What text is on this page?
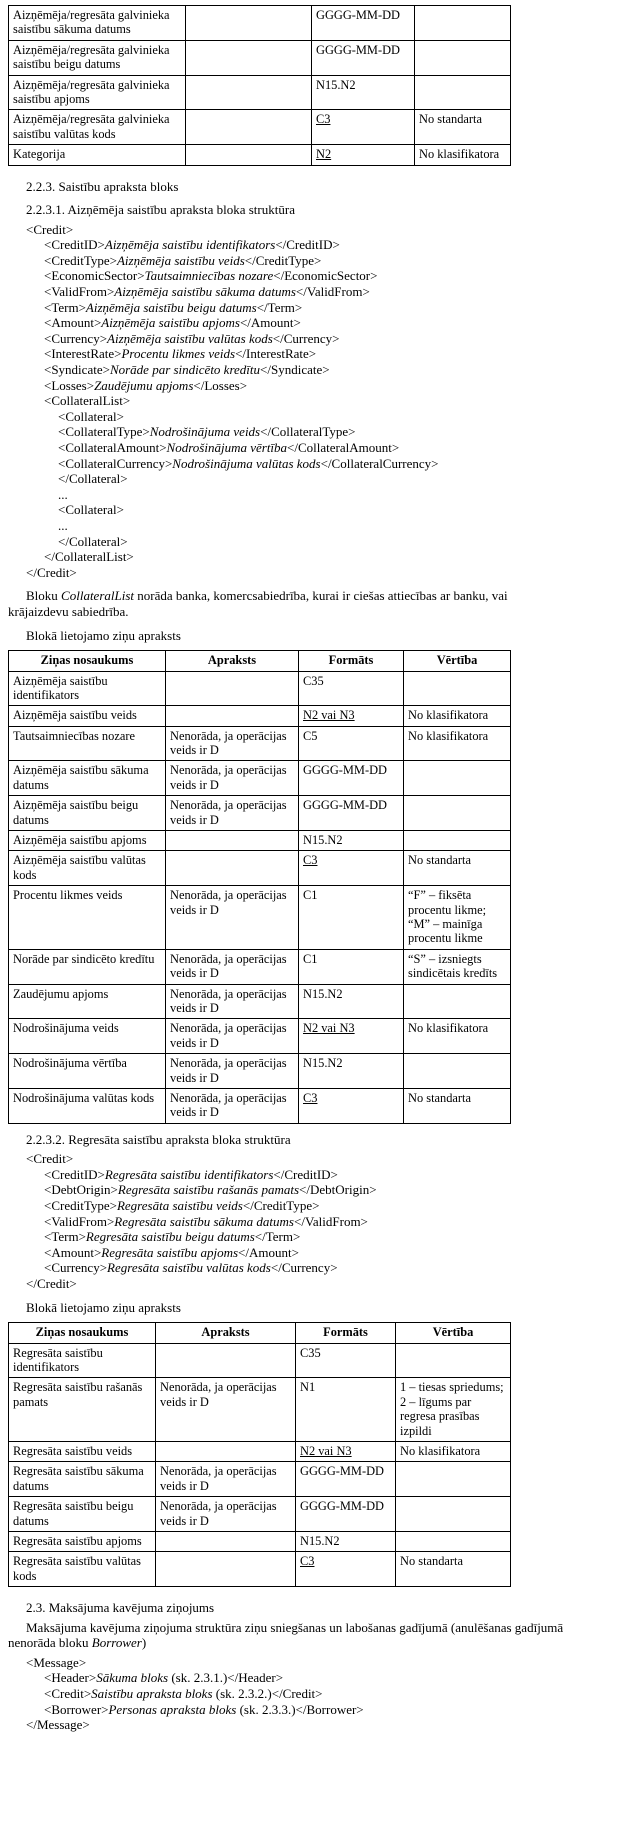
Aizņēmēja/regresāta galvinieka saistību sākuma datums		GGGG-MM-DD	
Aizņēmēja/regresāta galvinieka saistību beigu datums		GGGG-MM-DD	
Aizņēmēja/regresāta galvinieka saistību apjoms		N15.N2	
Aizņēmēja/regresāta galvinieka saistību valūtas kods		C3	No standarta
Kategorija		N2	No klasifikatora

2.2.3. Saistību apraksta bloks

2.2.3.1. Aizņēmēja saistību apraksta bloka struktūra

<Credit>
<CreditID>Aizņēmēja saistību identifikators</CreditID>
<CreditType>Aizņēmēja saistību veids</CreditType>
<EconomicSector>Tautsaimniecības nozare</EconomicSector>
<ValidFrom>Aizņēmēja saistību sākuma datums</ValidFrom>
<Term>Aizņēmēja saistību beigu datums</Term>
<Amount>Aizņēmēja saistību apjoms</Amount>
<Currency>Aizņēmēja saistību valūtas kods</Currency>
<InterestRate>Procentu likmes veids</InterestRate>
<Syndicate>Norāde par sindicēto kredītu</Syndicate>
<Losses>Zaudējumu apjoms</Losses>
<CollateralList>
<Collateral>
<CollateralType>Nodrošinājuma veids</CollateralType>
<CollateralAmount>Nodrošinājuma vērtība</CollateralAmount>
<CollateralCurrency>Nodrošinājuma valūtas kods</CollateralCurrency>
</Collateral>
...
<Collateral>
...
</Collateral>
</CollateralList>
</Credit>

Bloku CollateralList norāda banka, komercsabiedrība, kurai ir ciešas attiecības ar banku, vai krājaizdevu sabiedrība.

Blokā lietojamo ziņu apraksts

Ziņas nosaukums	Apraksts	Formāts	Vērtība
Aizņēmēja saistību identifikators		C35	
Aizņēmēja saistību veids		N2 vai N3	No klasifikatora
Tautsaimniecības nozare	Nenorāda, ja operācijas veids ir D	C5	No klasifikatora
Aizņēmēja saistību sākuma datums	Nenorāda, ja operācijas veids ir D	GGGG-MM-DD	
Aizņēmēja saistību beigu datums	Nenorāda, ja operācijas veids ir D	GGGG-MM-DD	
Aizņēmēja saistību apjoms		N15.N2	
Aizņēmēja saistību valūtas kods		C3	No standarta
Procentu likmes veids	Nenorāda, ja operācijas veids ir D	C1	“F” – fiksēta procentu likme; “M” – mainīga procentu likme
Norāde par sindicēto kredītu	Nenorāda, ja operācijas veids ir D	C1	“S” – izsniegts sindicētais kredīts
Zaudējumu apjoms	Nenorāda, ja operācijas veids ir D	N15.N2	
Nodrošinājuma veids	Nenorāda, ja operācijas veids ir D	N2 vai N3	No klasifikatora
Nodrošinājuma vērtība	Nenorāda, ja operācijas veids ir D	N15.N2	
Nodrošinājuma valūtas kods	Nenorāda, ja operācijas veids ir D	C3	No standarta

2.2.3.2. Regresāta saistību apraksta bloka struktūra

<Credit>
<CreditID>Regresāta saistību identifikators</CreditID>
<DebtOrigin>Regresāta saistību rašanās pamats</DebtOrigin>
<CreditType>Regresāta saistību veids</CreditType>
<ValidFrom>Regresāta saistību sākuma datums</ValidFrom>
<Term>Regresāta saistību beigu datums</Term>
<Amount>Regresāta saistību apjoms</Amount>
<Currency>Regresāta saistību valūtas kods</Currency>
</Credit>

Blokā lietojamo ziņu apraksts

Ziņas nosaukums	Apraksts	Formāts	Vērtība
Regresāta saistību identifikators		C35	
Regresāta saistību rašanās pamats	Nenorāda, ja operācijas veids ir D	N1	1 – tiesas spriedums; 2 – līgums par regresa prasības izpildi
Regresāta saistību veids		N2 vai N3	No klasifikatora
Regresāta saistību sākuma datums	Nenorāda, ja operācijas veids ir D	GGGG-MM-DD	
Regresāta saistību beigu datums	Nenorāda, ja operācijas veids ir D	GGGG-MM-DD	
Regresāta saistību apjoms		N15.N2	
Regresāta saistību valūtas kods		C3	No standarta

2.3. Maksājuma kavējuma ziņojums

Maksājuma kavējuma ziņojuma struktūra ziņu sniegšanas un labošanas gadījumā (anulēšanas gadījumā nenorāda bloku Borrower)

<Message>
<Header>Sākuma bloks (sk. 2.3.1.)</Header>
<Credit>Saistību apraksta bloks (sk. 2.3.2.)</Credit>
<Borrower>Personas apraksta bloks (sk. 2.3.3.)</Borrower>
</Message>
